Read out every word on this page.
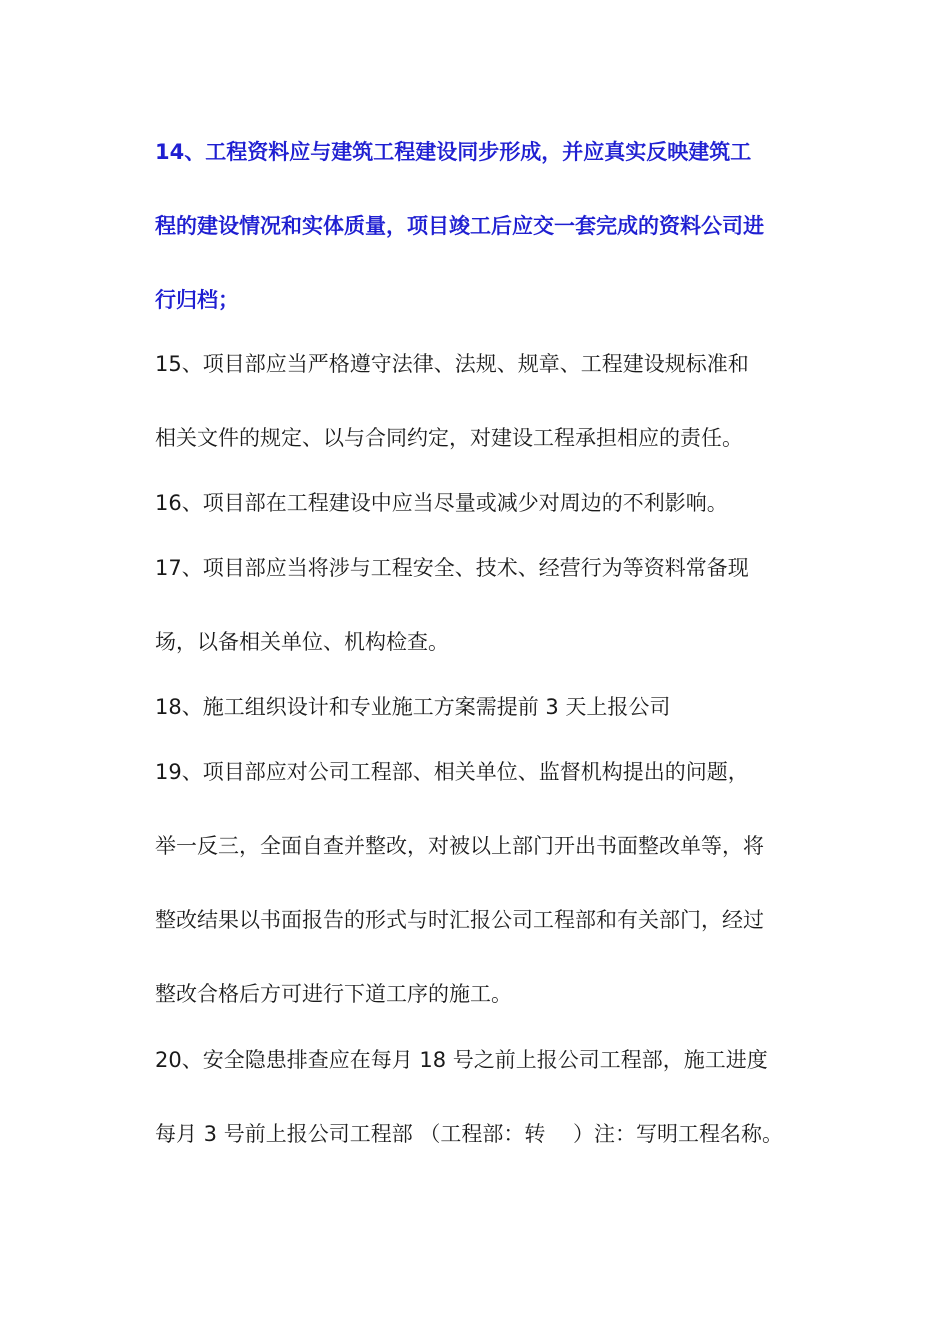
14、工程资料应与建筑工程建设同步形成，并应真实反映建筑工
程的建设情况和实体质量，项目竣工后应交一套完成的资料公司进
行归档；
15、项目部应当严格遵守法律、法规、规章、工程建设规标准和
相关文件的规定、以与合同约定，对建设工程承担相应的责任。
16、项目部在工程建设中应当尽量或减少对周边的不利影响。
17、项目部应当将涉与工程安全、技术、经营行为等资料常备现
场，以备相关单位、机构检查。
18、施工组织设计和专业施工方案需提前 3 天上报公司
19、项目部应对公司工程部、相关单位、监督机构提出的问题，
举一反三，全面自查并整改，对被以上部门开出书面整改单等，将
整改结果以书面报告的形式与时汇报公司工程部和有关部门，经过
整改合格后方可进行下道工序的施工。
20、安全隐患排查应在每月 18 号之前上报公司工程部，施工进度
每月 3 号前上报公司工程部 （工程部：转　 ）注：写明工程名称。
